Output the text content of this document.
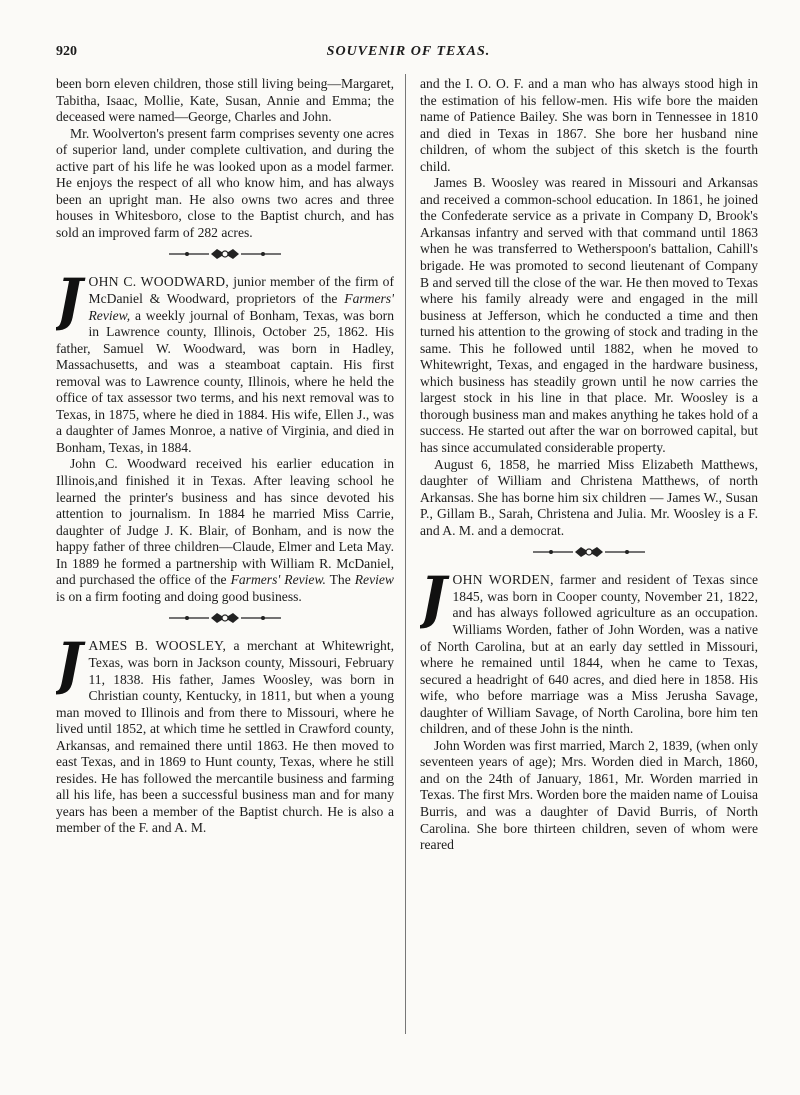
920	SOUVENIR OF TEXAS.

been born eleven children, those still living being—Margaret, Tabitha, Isaac, Mollie, Kate, Susan, Annie and Emma; the deceased were named—George, Charles and John.

Mr. Woolverton's present farm comprises seventy one acres of superior land, under complete cultivation, and during the active part of his life he was looked upon as a model farmer. He enjoys the respect of all who know him, and has always been an upright man. He also owns two acres and three houses in Whitesboro, close to the Baptist church, and has sold an improved farm of 282 acres.

J OHN C. WOODWARD, junior member of the firm of McDaniel & Woodward, proprietors of the Farmers' Review, a weekly journal of Bonham, Texas, was born in Lawrence county, Illinois, October 25, 1862. His father, Samuel W. Woodward, was born in Hadley, Massachusetts, and was a steamboat captain. His first removal was to Lawrence county, Illinois, where he held the office of tax assessor two terms, and his next removal was to Texas, in 1875, where he died in 1884. His wife, Ellen J., was a daughter of James Monroe, a native of Virginia, and died in Bonham, Texas, in 1884.

John C. Woodward received his earlier education in Illinois,and finished it in Texas. After leaving school he learned the printer's business and has since devoted his attention to journalism. In 1884 he married Miss Carrie, daughter of Judge J. K. Blair, of Bonham, and is now the happy father of three children—Claude, Elmer and Leta May. In 1889 he formed a partnership with William R. McDaniel, and purchased the office of the Farmers' Review. The Review is on a firm footing and doing good business.

J AMES B. WOOSLEY, a merchant at Whitewright, Texas, was born in Jackson county, Missouri, February 11, 1838. His father, James Woosley, was born in Christian county, Kentucky, in 1811, but when a young man moved to Illinois and from there to Missouri, where he lived until 1852, at which time he settled in Crawford county, Arkansas, and remained there until 1863. He then moved to east Texas, and in 1869 to Hunt county, Texas, where he still resides. He has followed the mercantile business and farming all his life, has been a successful business man and for many years has been a member of the Baptist church. He is also a member of the F. and A. M.

and the I. O. O. F. and a man who has always stood high in the estimation of his fellow-men. His wife bore the maiden name of Patience Bailey. She was born in Tennessee in 1810 and died in Texas in 1867. She bore her husband nine children, of whom the subject of this sketch is the fourth child.

James B. Woosley was reared in Missouri and Arkansas and received a common-school education. In 1861, he joined the Confederate service as a private in Company D, Brook's Arkansas infantry and served with that command until 1863 when he was transferred to Wetherspoon's battalion, Cahill's brigade. He was promoted to second lieutenant of Company B and served till the close of the war. He then moved to Texas where his family already were and engaged in the mill business at Jefferson, which he conducted a time and then turned his attention to the growing of stock and trading in the same. This he followed until 1882, when he moved to Whitewright, Texas, and engaged in the hardware business, which business has steadily grown until he now carries the largest stock in his line in that place. Mr. Woosley is a thorough business man and makes anything he takes hold of a success. He started out after the war on borrowed capital, but has since accumulated considerable property.

August 6, 1858, he married Miss Elizabeth Matthews, daughter of William and Christena Matthews, of north Arkansas. She has borne him six children — James W., Susan P., Gillam B., Sarah, Christena and Julia. Mr. Woosley is a F. and A. M. and a democrat.

J OHN WORDEN, farmer and resident of Texas since 1845, was born in Cooper county, November 21, 1822, and has always followed agriculture as an occupation. Williams Worden, father of John Worden, was a native of North Carolina, but at an early day settled in Missouri, where he remained until 1844, when he came to Texas, secured a headright of 640 acres, and died here in 1858. His wife, who before marriage was a Miss Jerusha Savage, daughter of William Savage, of North Carolina, bore him ten children, and of these John is the ninth.

John Worden was first married, March 2, 1839, (when only seventeen years of age); Mrs. Worden died in March, 1860, and on the 24th of January, 1861, Mr. Worden married in Texas. The first Mrs. Worden bore the maiden name of Louisa Burris, and was a daughter of David Burris, of North Carolina. She bore thirteen children, seven of whom were reared
